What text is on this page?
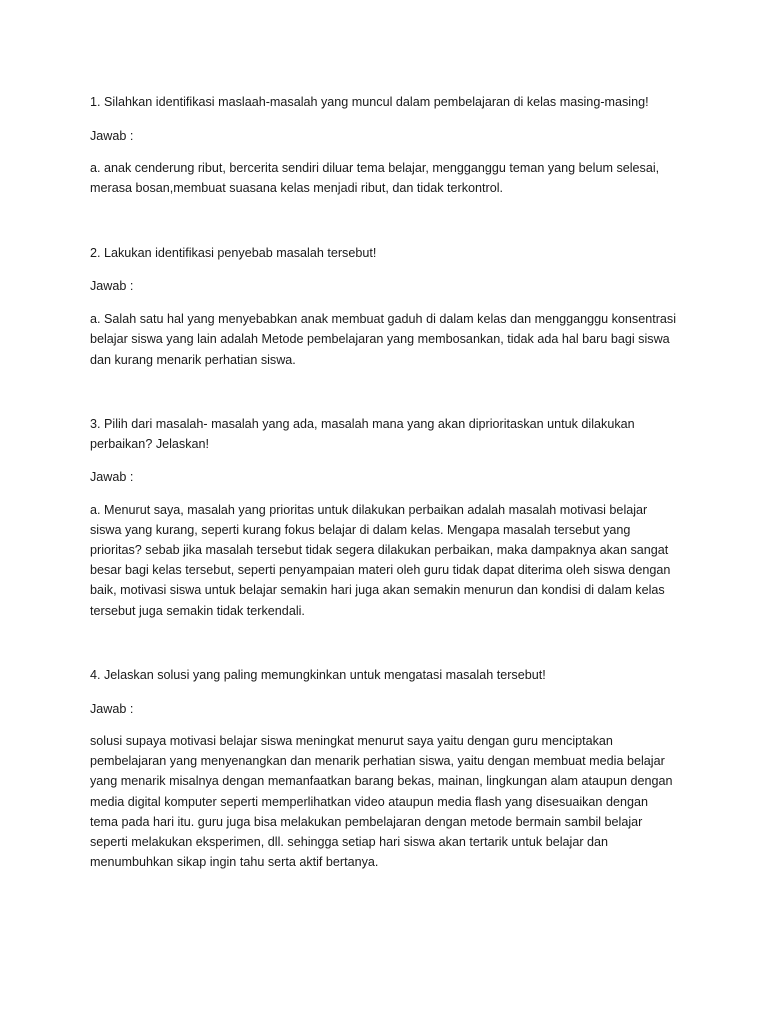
1. Silahkan identifikasi maslaah-masalah yang muncul dalam pembelajaran di kelas masing-masing!

Jawab :

a. anak cenderung ribut, bercerita sendiri diluar tema belajar, mengganggu teman yang belum selesai,

merasa bosan,membuat suasana kelas menjadi ribut, dan tidak terkontrol.

2. Lakukan identifikasi penyebab masalah tersebut!

Jawab :

a. Salah satu hal yang menyebabkan anak membuat gaduh di dalam kelas dan mengganggu konsentrasi

belajar siswa yang lain adalah Metode pembelajaran yang membosankan, tidak ada hal baru bagi siswa

dan kurang menarik perhatian siswa.

3. Pilih dari masalah- masalah yang ada, masalah mana yang akan diprioritaskan untuk dilakukan

perbaikan? Jelaskan!

Jawab :

a. Menurut saya, masalah yang prioritas untuk dilakukan perbaikan adalah masalah motivasi belajar

siswa yang kurang, seperti kurang fokus belajar di dalam kelas. Mengapa masalah tersebut yang

prioritas? sebab jika masalah tersebut tidak segera dilakukan perbaikan, maka dampaknya akan sangat

besar bagi kelas tersebut, seperti penyampaian materi oleh guru tidak dapat diterima oleh siswa dengan

baik, motivasi siswa untuk belajar semakin hari juga akan semakin menurun dan kondisi di dalam kelas

tersebut juga semakin tidak terkendali.

4. Jelaskan solusi yang paling memungkinkan untuk mengatasi masalah tersebut!

Jawab :

solusi supaya motivasi belajar siswa meningkat menurut saya yaitu dengan guru menciptakan

pembelajaran yang menyenangkan dan menarik perhatian siswa, yaitu dengan membuat media belajar

yang menarik misalnya dengan memanfaatkan barang bekas, mainan, lingkungan alam ataupun dengan

media digital komputer seperti memperlihatkan video ataupun media flash yang disesuaikan dengan

tema pada hari itu. guru juga bisa melakukan pembelajaran dengan metode bermain sambil belajar

seperti melakukan eksperimen, dll. sehingga setiap hari siswa akan tertarik untuk belajar dan

menumbuhkan sikap ingin tahu serta aktif bertanya.
